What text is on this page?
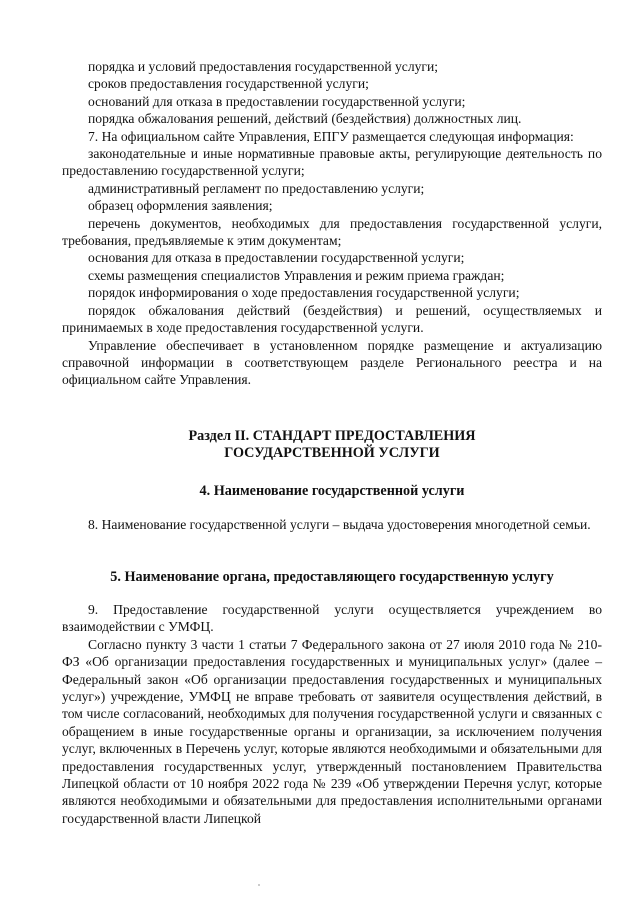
порядка и условий предоставления государственной услуги;

сроков предоставления государственной услуги;

оснований для отказа в предоставлении государственной услуги;

порядка обжалования решений, действий (бездействия) должностных лиц.

7. На официальном сайте Управления, ЕПГУ размещается следующая информация:

законодательные и иные нормативные правовые акты, регулирующие деятельность по предоставлению государственной услуги;

административный регламент по предоставлению услуги;

образец оформления заявления;

перечень документов, необходимых для предоставления государственной услуги, требования, предъявляемые к этим документам;

основания для отказа в предоставлении государственной услуги;

схемы размещения специалистов Управления и режим приема граждан;

порядок информирования о ходе предоставления государственной услуги;

порядок обжалования действий (бездействия) и решений, осуществляемых и принимаемых в ходе предоставления государственной услуги.

Управление обеспечивает в установленном порядке размещение и актуализацию справочной информации в соответствующем разделе Регионального реестра и на официальном сайте Управления.

Раздел II. СТАНДАРТ ПРЕДОСТАВЛЕНИЯ
ГОСУДАРСТВЕННОЙ УСЛУГИ
4. Наименование государственной услуги

8. Наименование государственной услуги – выдача удостоверения многодетной семьи.

5. Наименование органа, предоставляющего государственную услугу

9. Предоставление государственной услуги осуществляется учреждением во взаимодействии с УМФЦ.

Согласно пункту 3 части 1 статьи 7 Федерального закона от 27 июля 2010 года № 210-ФЗ «Об организации предоставления государственных и муниципальных услуг» (далее – Федеральный закон «Об организации предоставления государственных и муниципальных услуг») учреждение, УМФЦ не вправе требовать от заявителя осуществления действий, в том числе согласований, необходимых для получения государственной услуги и связанных с обращением в иные государственные органы и организации, за исключением получения услуг, включенных в Перечень услуг, которые являются необходимыми и обязательными для предоставления государственных услуг, утвержденный постановлением Правительства Липецкой области от 10 ноября 2022 года № 239 «Об утверждении Перечня услуг, которые являются необходимыми и обязательными для предоставления исполнительными органами государственной власти Липецкой
